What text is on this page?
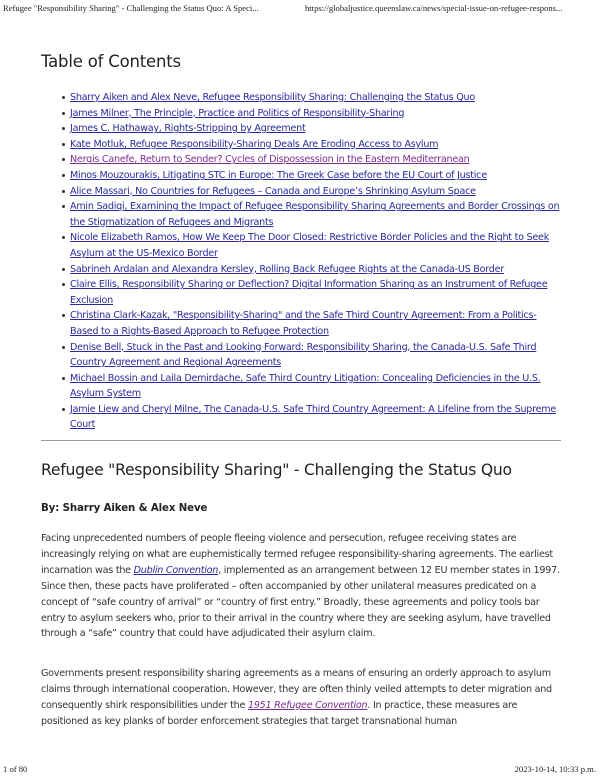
Refugee "Responsibility Sharing" - Challenging the Status Quo: A Speci...	https://globaljustice.queenslaw.ca/news/special-issue-on-refugee-respons...
Table of Contents
Sharry Aiken and Alex Neve, Refugee Responsibility Sharing: Challenging the Status Quo
James Milner, The Principle, Practice and Politics of Responsibility-Sharing
James C. Hathaway, Rights-Stripping by Agreement
Kate Motluk, Refugee Responsibility-Sharing Deals Are Eroding Access to Asylum
Nergis Canefe, Return to Sender? Cycles of Dispossession in the Eastern Mediterranean
Minos Mouzourakis, Litigating STC in Europe: The Greek Case before the EU Court of Justice
Alice Massari, No Countries for Refugees – Canada and Europe’s Shrinking Asylum Space
Amin Sadiqi, Examining the Impact of Refugee Responsibility Sharing Agreements and Border Crossings on the Stigmatization of Refugees and Migrants
Nicole Elizabeth Ramos, How We Keep The Door Closed: Restrictive Border Policies and the Right to Seek Asylum at the US-Mexico Border
Sabrineh Ardalan and Alexandra Kersley, Rolling Back Refugee Rights at the Canada-US Border
Claire Ellis, Responsibility Sharing or Deflection? Digital Information Sharing as an Instrument of Refugee Exclusion
Christina Clark-Kazak, "Responsibility-Sharing" and the Safe Third Country Agreement: From a Politics-Based to a Rights-Based Approach to Refugee Protection
Denise Bell, Stuck in the Past and Looking Forward: Responsibility Sharing, the Canada-U.S. Safe Third Country Agreement and Regional Agreements
Michael Bossin and Laila Demirdache, Safe Third Country Litigation: Concealing Deficiencies in the U.S. Asylum System
Jamie Liew and Cheryl Milne, The Canada-U.S. Safe Third Country Agreement: A Lifeline from the Supreme Court
Refugee "Responsibility Sharing" - Challenging the Status Quo
By: Sharry Aiken & Alex Neve

Facing unprecedented numbers of people fleeing violence and persecution, refugee receiving states are increasingly relying on what are euphemistically termed refugee responsibility-sharing agreements. The earliest incarnation was the Dublin Convention, implemented as an arrangement between 12 EU member states in 1997. Since then, these pacts have proliferated – often accompanied by other unilateral measures predicated on a concept of “safe country of arrival” or “country of first entry.” Broadly, these agreements and policy tools bar entry to asylum seekers who, prior to their arrival in the country where they are seeking asylum, have travelled through a “safe” country that could have adjudicated their asylum claim.

Governments present responsibility sharing agreements as a means of ensuring an orderly approach to asylum claims through international cooperation. However, they are often thinly veiled attempts to deter migration and consequently shirk responsibilities under the 1951 Refugee Convention. In practice, these measures are positioned as key planks of border enforcement strategies that target transnational human

1 of 80	2023-10-14, 10:33 p.m.
